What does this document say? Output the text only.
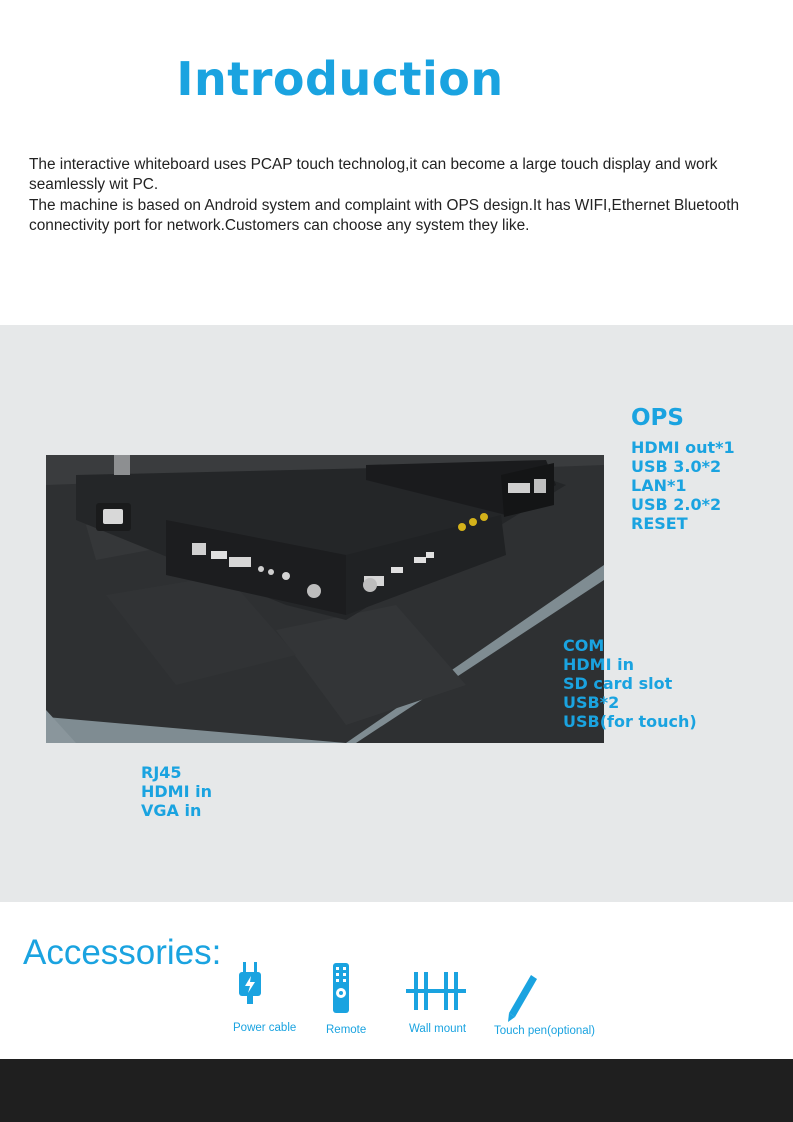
Introduction

The interactive whiteboard uses PCAP touch technolog,it can become a large touch display and work seamlessly wit PC.

The machine is based on Android system and complaint with OPS design.It has WIFI,Ethernet Bluetooth connectivity port for network.Customers can choose any system they like.

OPS
HDMI out*1
USB 3.0*2
LAN*1
USB 2.0*2
RESET
COM
HDMI in
SD card slot
USB*2
USB(for touch)
RJ45
HDMI in
VGA in
Accessories:
Power cable	Remote	Wall mount Touch pen(optional)
